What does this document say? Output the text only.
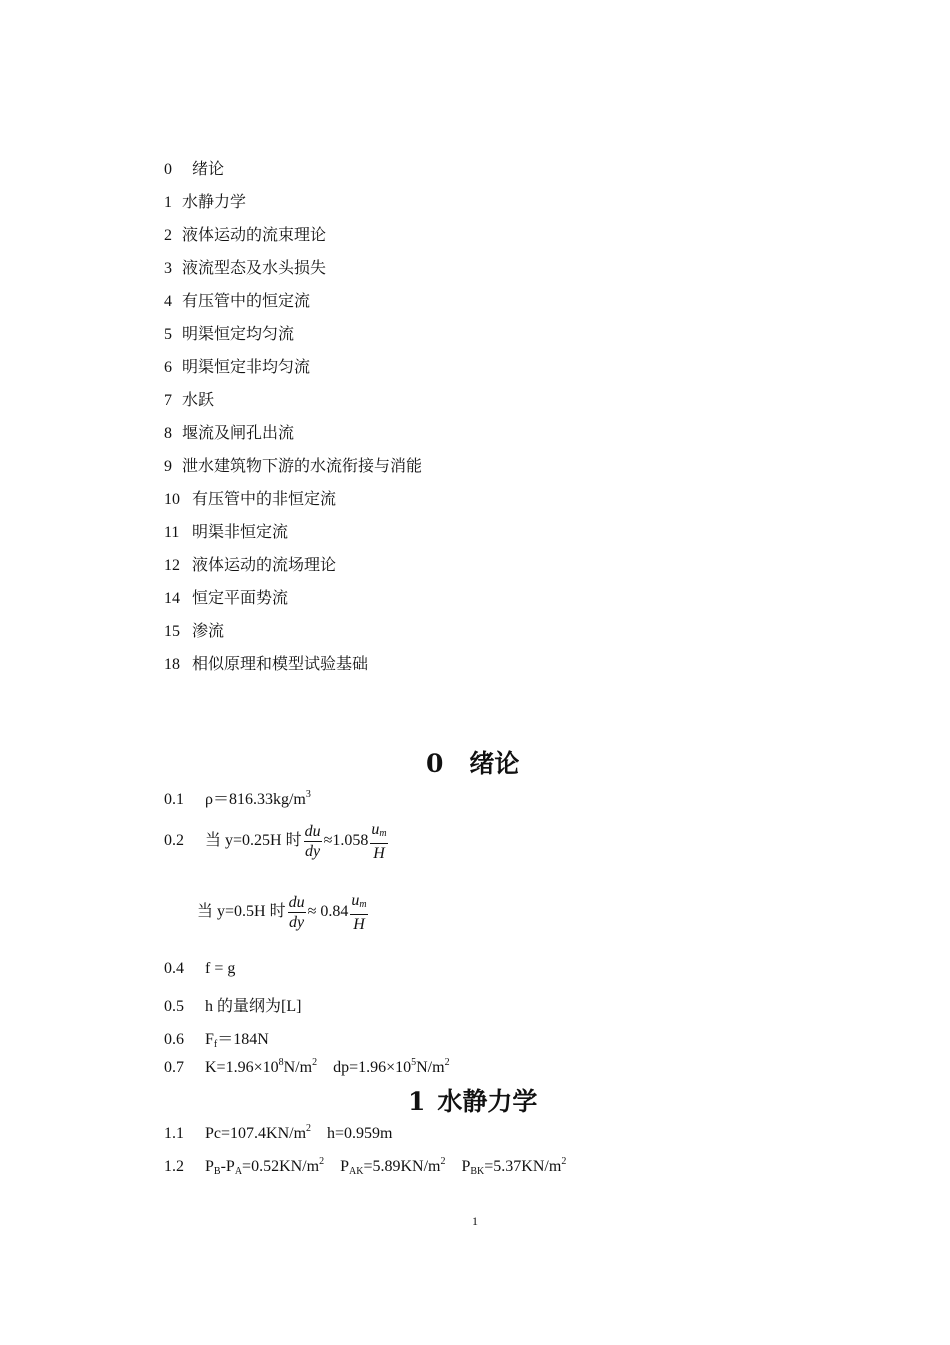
0 绪论
1 水静力学
2 液体运动的流束理论
3 液流型态及水头损失
4 有压管中的恒定流
5 明渠恒定均匀流
6 明渠恒定非均匀流
7 水跃
8 堰流及闸孔出流
9 泄水建筑物下游的水流衔接与消能
10 有压管中的非恒定流
11 明渠非恒定流
12 液体运动的流场理论
14 恒定平面势流
15 渗流
18 相似原理和模型试验基础
0 绪论
0.1 $\rho=816.33kg/m^3$
0.2 当 y=0.25H 时 $\frac{du}{dy} \approx 1.058 \frac{u_m}{H}$
当 y=0.5H 时 $\frac{du}{dy} \approx 0.84 \frac{u_m}{H}$
0.4 f = g
0.5 h 的量纲为[L]
0.6 $F_f=184N$
0.7 $K=1.96\times 10^8N/m^2$ $dp=1.96\times 10^5N/m^2$
1 水静力学
1.1 $Pc=107.4KN/m^2$ h=0.959m
1.2 $P_B-P_A=0.52KN/m^2$ $P_{AK}=5.89KN/m^2$ $P_{BK}=5.37KN/m^2$
1
